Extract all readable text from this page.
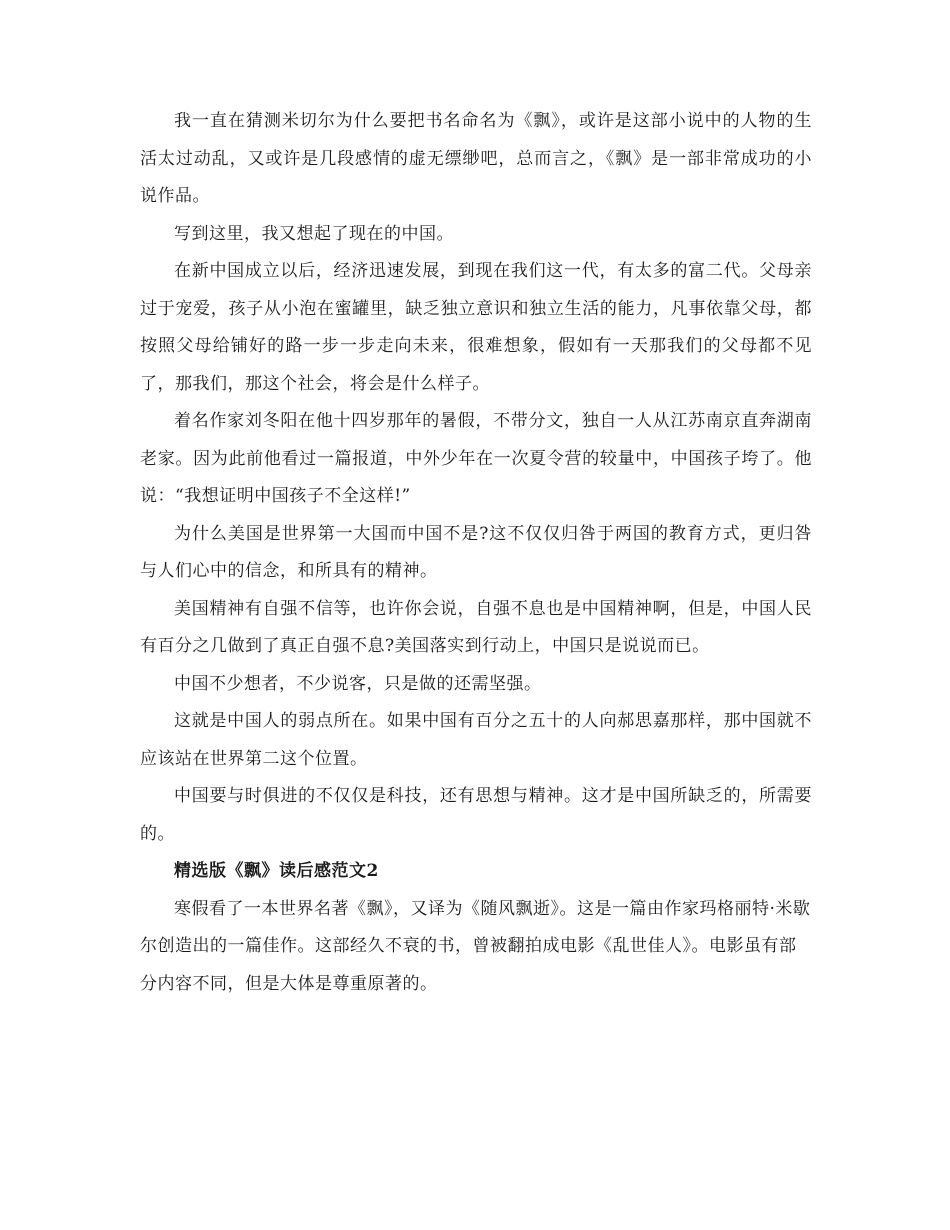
我一直在猜测米切尔为什么要把书名命名为《飘》，或许是这部小说中的人物的生活太过动乱，又或许是几段感情的虚无缥缈吧，总而言之，《飘》是一部非常成功的小说作品。

写到这里，我又想起了现在的中国。

在新中国成立以后，经济迅速发展，到现在我们这一代，有太多的富二代。父母亲过于宠爱，孩子从小泡在蜜罐里，缺乏独立意识和独立生活的能力，凡事依靠父母，都按照父母给铺好的路一步一步走向未来，很难想象，假如有一天那我们的父母都不见了，那我们，那这个社会，将会是什么样子。

着名作家刘冬阳在他十四岁那年的暑假，不带分文，独自一人从江苏南京直奔湖南老家。因为此前他看过一篇报道，中外少年在一次夏令营的较量中，中国孩子垮了。他说：“我想证明中国孩子不全这样!”

为什么美国是世界第一大国而中国不是?这不仅仅归咎于两国的教育方式，更归咎与人们心中的信念，和所具有的精神。

美国精神有自强不信等，也许你会说，自强不息也是中国精神啊，但是，中国人民有百分之几做到了真正自强不息?美国落实到行动上，中国只是说说而已。

中国不少想者，不少说客，只是做的还需坚强。

这就是中国人的弱点所在。如果中国有百分之五十的人向郝思嘉那样，那中国就不应该站在世界第二这个位置。

中国要与时俱进的不仅仅是科技，还有思想与精神。这才是中国所缺乏的，所需要的。

精选版《飘》读后感范文2

寒假看了一本世界名著《飘》，又译为《随风飘逝》。这是一篇由作家玛格丽特·米歇尔创造出的一篇佳作。这部经久不衰的书，曾被翻拍成电影《乱世佳人》。电影虽有部分内容不同，但是大体是尊重原著的。
